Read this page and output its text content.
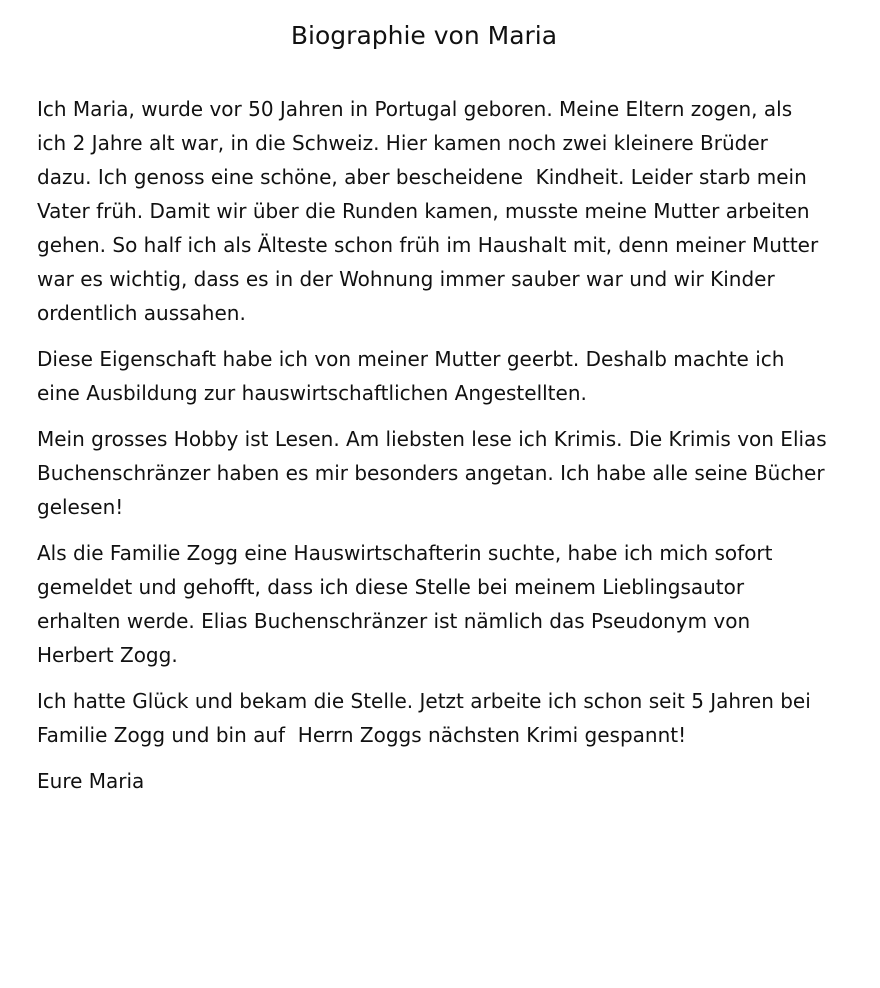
Biographie von Maria

Ich Maria, wurde vor 50 Jahren in Portugal geboren. Meine Eltern zogen, als ich 2 Jahre alt war, in die Schweiz. Hier kamen noch zwei kleinere Brüder dazu. Ich genoss eine schöne, aber bescheidene  Kindheit. Leider starb mein Vater früh. Damit wir über die Runden kamen, musste meine Mutter arbeiten gehen. So half ich als Älteste schon früh im Haushalt mit, denn meiner Mutter war es wichtig, dass es in der Wohnung immer sauber war und wir Kinder ordentlich aussahen.

Diese Eigenschaft habe ich von meiner Mutter geerbt. Deshalb machte ich eine Ausbildung zur hauswirtschaftlichen Angestellten.

Mein grosses Hobby ist Lesen. Am liebsten lese ich Krimis. Die Krimis von Elias Buchenschränzer haben es mir besonders angetan. Ich habe alle seine Bücher gelesen!

Als die Familie Zogg eine Hauswirtschafterin suchte, habe ich mich sofort gemeldet und gehofft, dass ich diese Stelle bei meinem Lieblingsautor erhalten werde. Elias Buchenschränzer ist nämlich das Pseudonym von Herbert Zogg.

Ich hatte Glück und bekam die Stelle. Jetzt arbeite ich schon seit 5 Jahren bei Familie Zogg und bin auf  Herrn Zoggs nächsten Krimi gespannt!

Eure Maria
